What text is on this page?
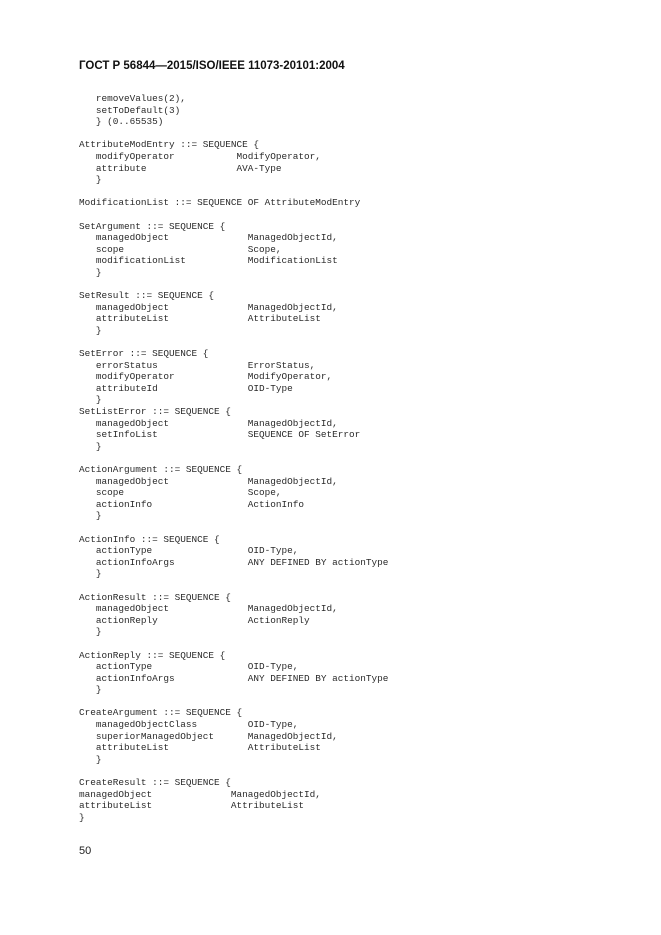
ГОСТ Р 56844—2015/ISO/IEEE 11073-20101:2004
removeValues(2),
setToDefault(3)
} (0..65535)
AttributeModEntry ::= SEQUENCE {
modifyOperator           ModifyOperator,
attribute                AVA-Type
}
ModificationList ::= SEQUENCE OF AttributeModEntry
SetArgument ::= SEQUENCE {
managedObject              ManagedObjectId,
scope                      Scope,
modificationList           ModificationList
}
SetResult ::= SEQUENCE {
managedObject              ManagedObjectId,
attributeList              AttributeList
}
SetError ::= SEQUENCE {
errorStatus                ErrorStatus,
modifyOperator             ModifyOperator,
attributeId                OID-Type
}
SetListError ::= SEQUENCE {
managedObject              ManagedObjectId,
setInfoList                SEQUENCE OF SetError
}
ActionArgument ::= SEQUENCE {
managedObject              ManagedObjectId,
scope                      Scope,
actionInfo                 ActionInfo
}
ActionInfo ::= SEQUENCE {
actionType                 OID-Type,
actionInfoArgs             ANY DEFINED BY actionType
}
ActionResult ::= SEQUENCE {
managedObject              ManagedObjectId,
actionReply                ActionReply
}
ActionReply ::= SEQUENCE {
actionType                 OID-Type,
actionInfoArgs             ANY DEFINED BY actionType
}
CreateArgument ::= SEQUENCE {
managedObjectClass         OID-Type,
superiorManagedObject      ManagedObjectId,
attributeList              AttributeList
}
CreateResult ::= SEQUENCE {
managedObject              ManagedObjectId,
attributeList              AttributeList
}
50
